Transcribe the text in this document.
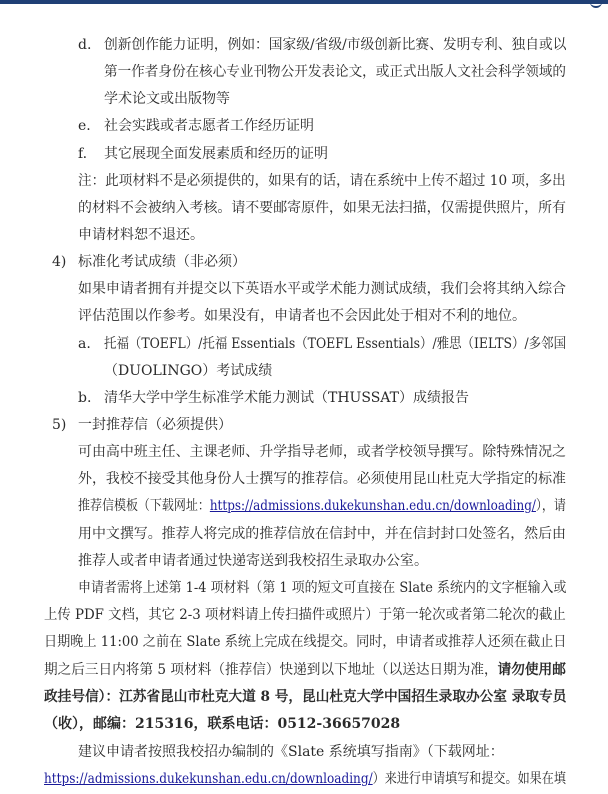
d. 创新创作能力证明，例如：国家级/省级/市级创新比赛、发明专利、独自或以
第一作者身份在核心专业刊物公开发表论文，或正式出版人文社会科学领域的
学术论文或出版物等
e. 社会实践或者志愿者工作经历证明
f. 其它展现全面发展素质和经历的证明
注：此项材料不是必须提供的，如果有的话，请在系统中上传不超过 10 项，多出
的材料不会被纳入考核。请不要邮寄原件，如果无法扫描，仅需提供照片，所有
申请材料恕不退还。
4) 标准化考试成绩（非必须）
如果申请者拥有并提交以下英语水平或学术能力测试成绩，我们会将其纳入综合
评估范围以作参考。如果没有，申请者也不会因此处于相对不利的地位。
a. 托福（TOEFL）/托福 Essentials（TOEFL Essentials）/雅思（IELTS）/多邻国
（DUOLINGO）考试成绩
b. 清华大学中学生标准学术能力测试（THUSSAT）成绩报告
5) 一封推荐信（必须提供）
可由高中班主任、主课老师、升学指导老师，或者学校领导撰写。除特殊情况之
外，我校不接受其他身份人士撰写的推荐信。必须使用昆山杜克大学指定的标准
推荐信模板（下载网址：https://admissions.dukekunshan.edu.cn/downloading/），请
用中文撰写。推荐人将完成的推荐信放在信封中，并在信封封口处签名，然后由
推荐人或者申请者通过快递寄送到我校招生录取办公室。
申请者需将上述第 1-4 项材料（第 1 项的短文可直接在 Slate 系统内的文字框输入或
上传 PDF 文档，其它 2-3 项材料请上传扫描件或照片）于第一轮次或者第二轮次的截止
日期晚上 11:00 之前在 Slate 系统上完成在线提交。同时，申请者或推荐人还须在截止日
期之后三日内将第 5 项材料（推荐信）快递到以下地址（以送达日期为准，请勿使用邮
政挂号信）：江苏省昆山市杜克大道 8 号，昆山杜克大学中国招生录取办公室 录取专员
（收），邮编：215316，联系电话：0512-36657028
建议申请者按照我校招办编制的《Slate 系统填写指南》（下载网址：
https://admissions.dukekunshan.edu.cn/downloading/）来进行申请填写和提交。如果在填
